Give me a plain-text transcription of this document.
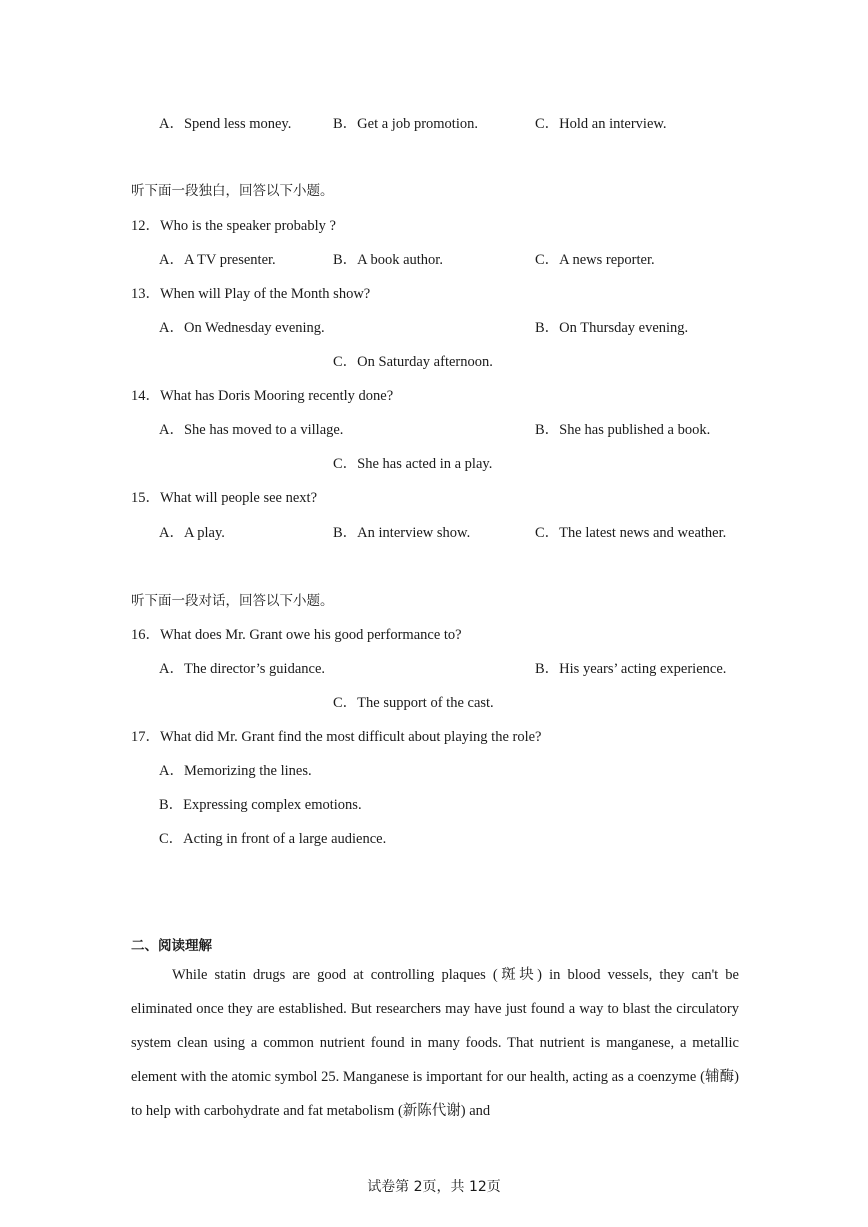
A．Spend less money.	B．Get a job promotion.	C．Hold an interview.
听下面一段独白，回答以下小题。
12．Who is the speaker probably ?
A．A TV presenter.	B．A book author.	C．A news reporter.
13．When will Play of the Month show?
A．On Wednesday evening.	B．On Thursday evening.
C．On Saturday afternoon.
14．What has Doris Mooring recently done?
A．She has moved to a village.	B．She has published a book.
C．She has acted in a play.
15．What will people see next?
A．A play.	B．An interview show.	C．The latest news and weather.
听下面一段对话，回答以下小题。
16．What does Mr. Grant owe his good performance to?
A．The director’s guidance.	B．His years’ acting experience.
C．The support of the cast.
17．What did Mr. Grant find the most difficult about playing the role?
A．Memorizing the lines.
B．Expressing complex emotions.
C．Acting in front of a large audience.
二、阅读理解
While statin drugs are good at controlling plaques (斑块) in blood vessels, they can't be eliminated once they are established. But researchers may have just found a way to blast the circulatory system clean using a common nutrient found in many foods. That nutrient is manganese, a metallic element with the atomic symbol 25. Manganese is important for our health, acting as a coenzyme (辅酶) to help with carbohydrate and fat metabolism (新陈代谢) and
试卷第 2页，共 12页
